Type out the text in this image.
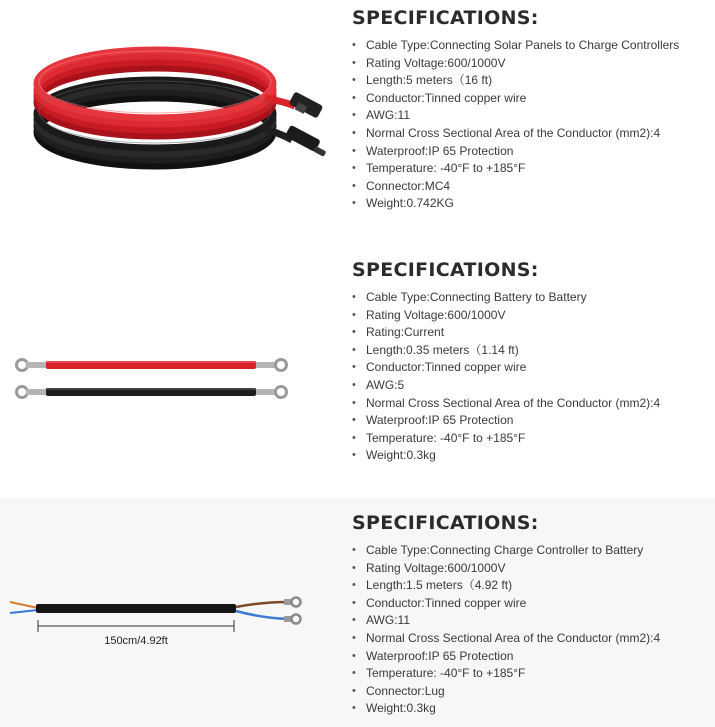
SPECIFICATIONS:
• Cable Type:Connecting Solar Panels to Charge Controllers
• Rating Voltage:600/1000V
• Length:5 meters（16 ft)
• Conductor:Tinned copper wire
• AWG:11
• Normal Cross Sectional Area of the Conductor (mm2):4
• Waterproof:IP 65 Protection
• Temperature: -40°F to +185°F
• Connector:MC4
• Weight:0.742KG
SPECIFICATIONS:
• Cable Type:Connecting Battery to Battery
• Rating Voltage:600/1000V
• Rating:Current
• Length:0.35 meters（1.14 ft)
• Conductor:Tinned copper wire
• AWG:5
• Normal Cross Sectional Area of the Conductor (mm2):4
• Waterproof:IP 65 Protection
• Temperature: -40°F to +185°F
• Weight:0.3kg
150cm/4.92ft
SPECIFICATIONS:
• Cable Type:Connecting Charge Controller to Battery
• Rating Voltage:600/1000V
• Length:1.5 meters（4.92 ft)
• Conductor:Tinned copper wire
• AWG:11
• Normal Cross Sectional Area of the Conductor (mm2):4
• Waterproof:IP 65 Protection
• Temperature: -40°F to +185°F
• Connector:Lug
• Weight:0.3kg
